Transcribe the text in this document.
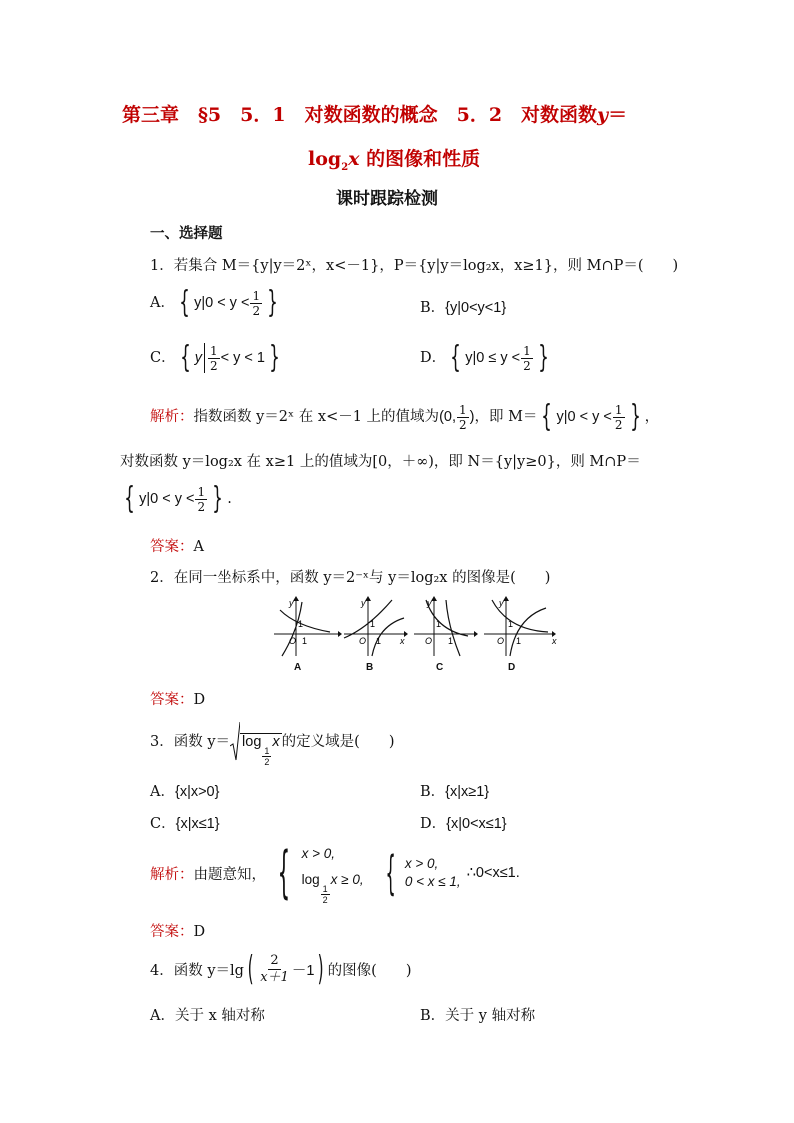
第三章　§5　5．1　对数函数的概念　5．2　对数函数y＝
$\log_2x$ 的图像和性质
课时跟踪检测
一、选择题
1．若集合 M＝{y|y＝2ˣ，x<－1}，P＝{y|y＝log₂x，x≥1}，则 M∩P＝(　　)
A． { $y|0 < y < \frac{1}{2}$ }	B．{y|0<y<1}
C． { y $\frac{1}{2} < y < 1$ }	D． { $y|0 \le y < \frac{1}{2}$ }
解析：指数函数 y＝2ˣ 在 x<－1 上的值域为(0, $\frac{1}{2}$ )，即 M＝ { $y|0 < y < \frac{1}{2}$ } ，
对数函数 y＝log₂x 在 x≥1 上的值域为[0，＋∞)，即 N＝{y|y≥0}，则 M∩P＝
{ $y|0 < y < \frac{1}{2}$ } .
答案：A
2．在同一坐标系中，函数 y＝2⁻ˣ与 y＝log₂x 的图像是(　　)
y
O 1
1
y
O 1
1
x
y
O 1
1
y
O 1
1
x
A	B	C	D
答案：D
3．函数 y＝ log
$\frac{1}{2}$
x 的定义域是(　　)
A．{x|x>0}	B．{x|x≥1}
C．{x|x≤1}	D．{x|0<x≤1}
解析： 由题意知， { x > 0,
log
$\frac{1}{2}$
x ≥ 0, { x > 0,
0 < x ≤ 1,
∴0<x≤1.
答案：D
4．函数 y＝lg ( $\frac{2}{x+1} -1$ ) 的图像(　　)
A．关于 x 轴对称	B．关于 y 轴对称
